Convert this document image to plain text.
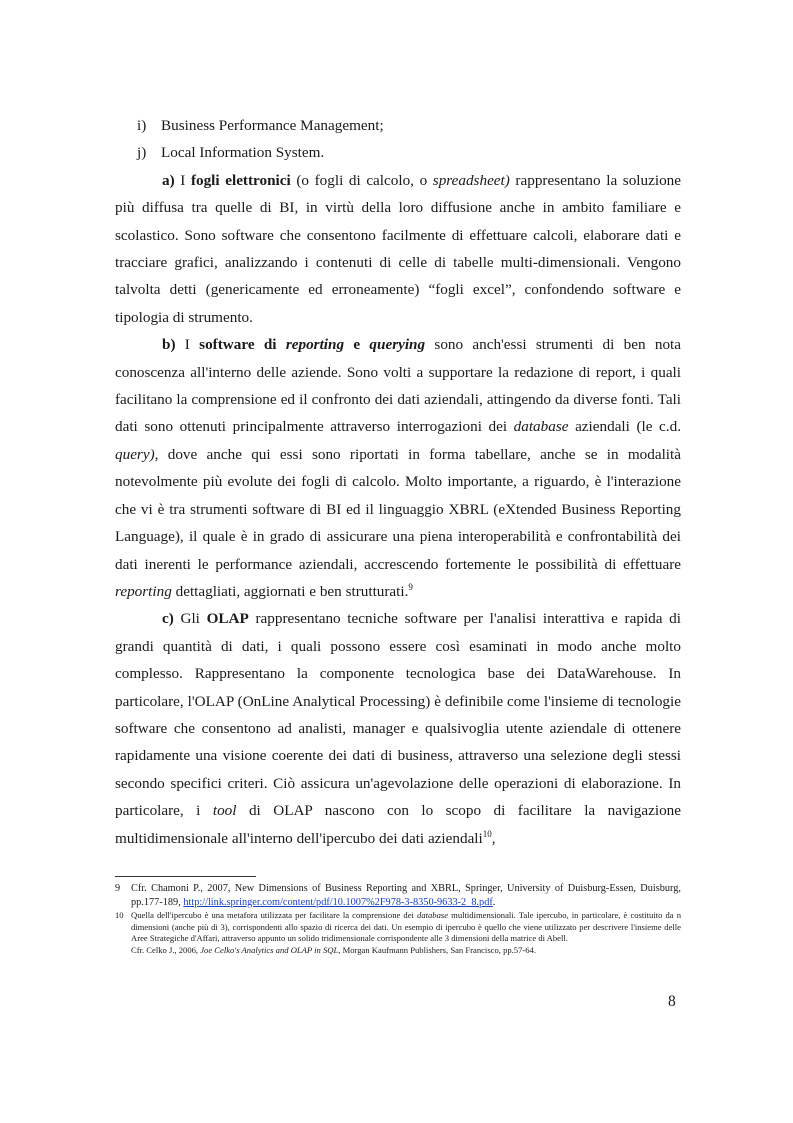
i) Business Performance Management;

j) Local Information System.

a) I fogli elettronici (o fogli di calcolo, o spreadsheet) rappresentano la soluzione più diffusa tra quelle di BI, in virtù della loro diffusione anche in ambito familiare e scolastico. Sono software che consentono facilmente di effettuare calcoli, elaborare dati e tracciare grafici, analizzando i contenuti di celle di tabelle multi-dimensionali. Vengono talvolta detti (genericamente ed erroneamente) “fogli excel”, confondendo software e tipologia di strumento.

b) I software di reporting e querying sono anch'essi strumenti di ben nota conoscenza all'interno delle aziende. Sono volti a supportare la redazione di report, i quali facilitano la comprensione ed il confronto dei dati aziendali, attingendo da diverse fonti. Tali dati sono ottenuti principalmente attraverso interrogazioni dei database aziendali (le c.d. query), dove anche qui essi sono riportati in forma tabellare, anche se in modalità notevolmente più evolute dei fogli di calcolo. Molto importante, a riguardo, è l'interazione che vi è tra strumenti software di BI ed il linguaggio XBRL (eXtended Business Reporting Language), il quale è in grado di assicurare una piena interoperabilità e confrontabilità dei dati inerenti le performance aziendali, accrescendo fortemente le possibilità di effettuare reporting dettagliati, aggiornati e ben strutturati.$^9$

c) Gli OLAP rappresentano tecniche software per l'analisi interattiva e rapida di grandi quantità di dati, i quali possono essere così esaminati in modo anche molto complesso. Rappresentano la componente tecnologica base dei DataWarehouse. In particolare, l'OLAP (OnLine Analytical Processing) è definibile come l'insieme di tecnologie software che consentono ad analisti, manager e qualsivoglia utente aziendale di ottenere rapidamente una visione coerente dei dati di business, attraverso una selezione degli stessi secondo specifici criteri. Ciò assicura un'agevolazione delle operazioni di elaborazione. In particolare, i tool di OLAP nascono con lo scopo di facilitare la navigazione multidimensionale all'interno dell'ipercubo dei dati aziendali$^{10}$,

9 Cfr. Chamoni P., 2007, New Dimensions of Business Reporting and XBRL, Springer, University of Duisburg-Essen, Duisburg, pp.177-189, http://link.springer.com/content/pdf/10.1007%2F978-3-8350-9633-2_8.pdf.
10 Quella dell'ipercubo è una metafora utilizzata per facilitare la comprensione dei database multidimensionali. Tale ipercubo, in particolare, è costituito da n dimensioni (anche più di 3), corrispondenti allo spazio di ricerca dei dati. Un esempio di ipercubo è quello che viene utilizzato per descrivere l'insieme delle Aree Strategiche d'Affari, attraverso appunto un solido tridimensionale corrispondente alle 3 dimensioni della matrice di Abell.
Cfr. Celko J., 2006, Joe Celko's Analytics and OLAP in SQL, Morgan Kaufmann Publishers, San Francisco, pp.57-64.
8
